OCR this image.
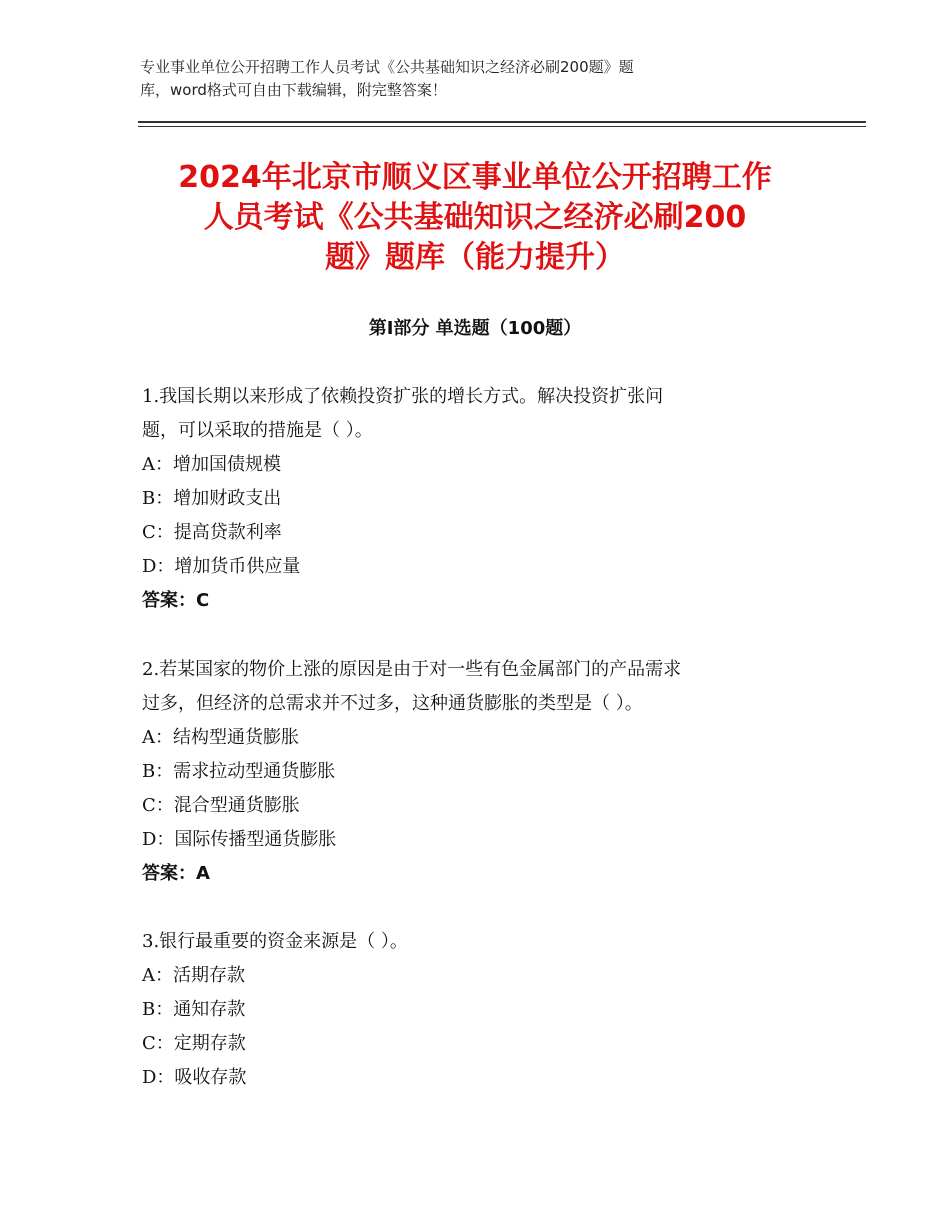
专业事业单位公开招聘工作人员考试《公共基础知识之经济必刷200题》题
库，word格式可自由下载编辑，附完整答案！
2024年北京市顺义区事业单位公开招聘工作
人员考试《公共基础知识之经济必刷200
题》题库（能力提升）
第Ⅰ部分 单选题（100题）
1.我国长期以来形成了依赖投资扩张的增长方式。解决投资扩张问
题，可以采取的措施是（ ）。
A：增加国债规模
B：增加财政支出
C：提高贷款利率
D：增加货币供应量
答案：C
2.若某国家的物价上涨的原因是由于对一些有色金属部门的产品需求
过多，但经济的总需求并不过多，这种通货膨胀的类型是（ ）。
A：结构型通货膨胀
B：需求拉动型通货膨胀
C：混合型通货膨胀
D：国际传播型通货膨胀
答案：A
3.银行最重要的资金来源是（ ）。
A：活期存款
B：通知存款
C：定期存款
D：吸收存款
